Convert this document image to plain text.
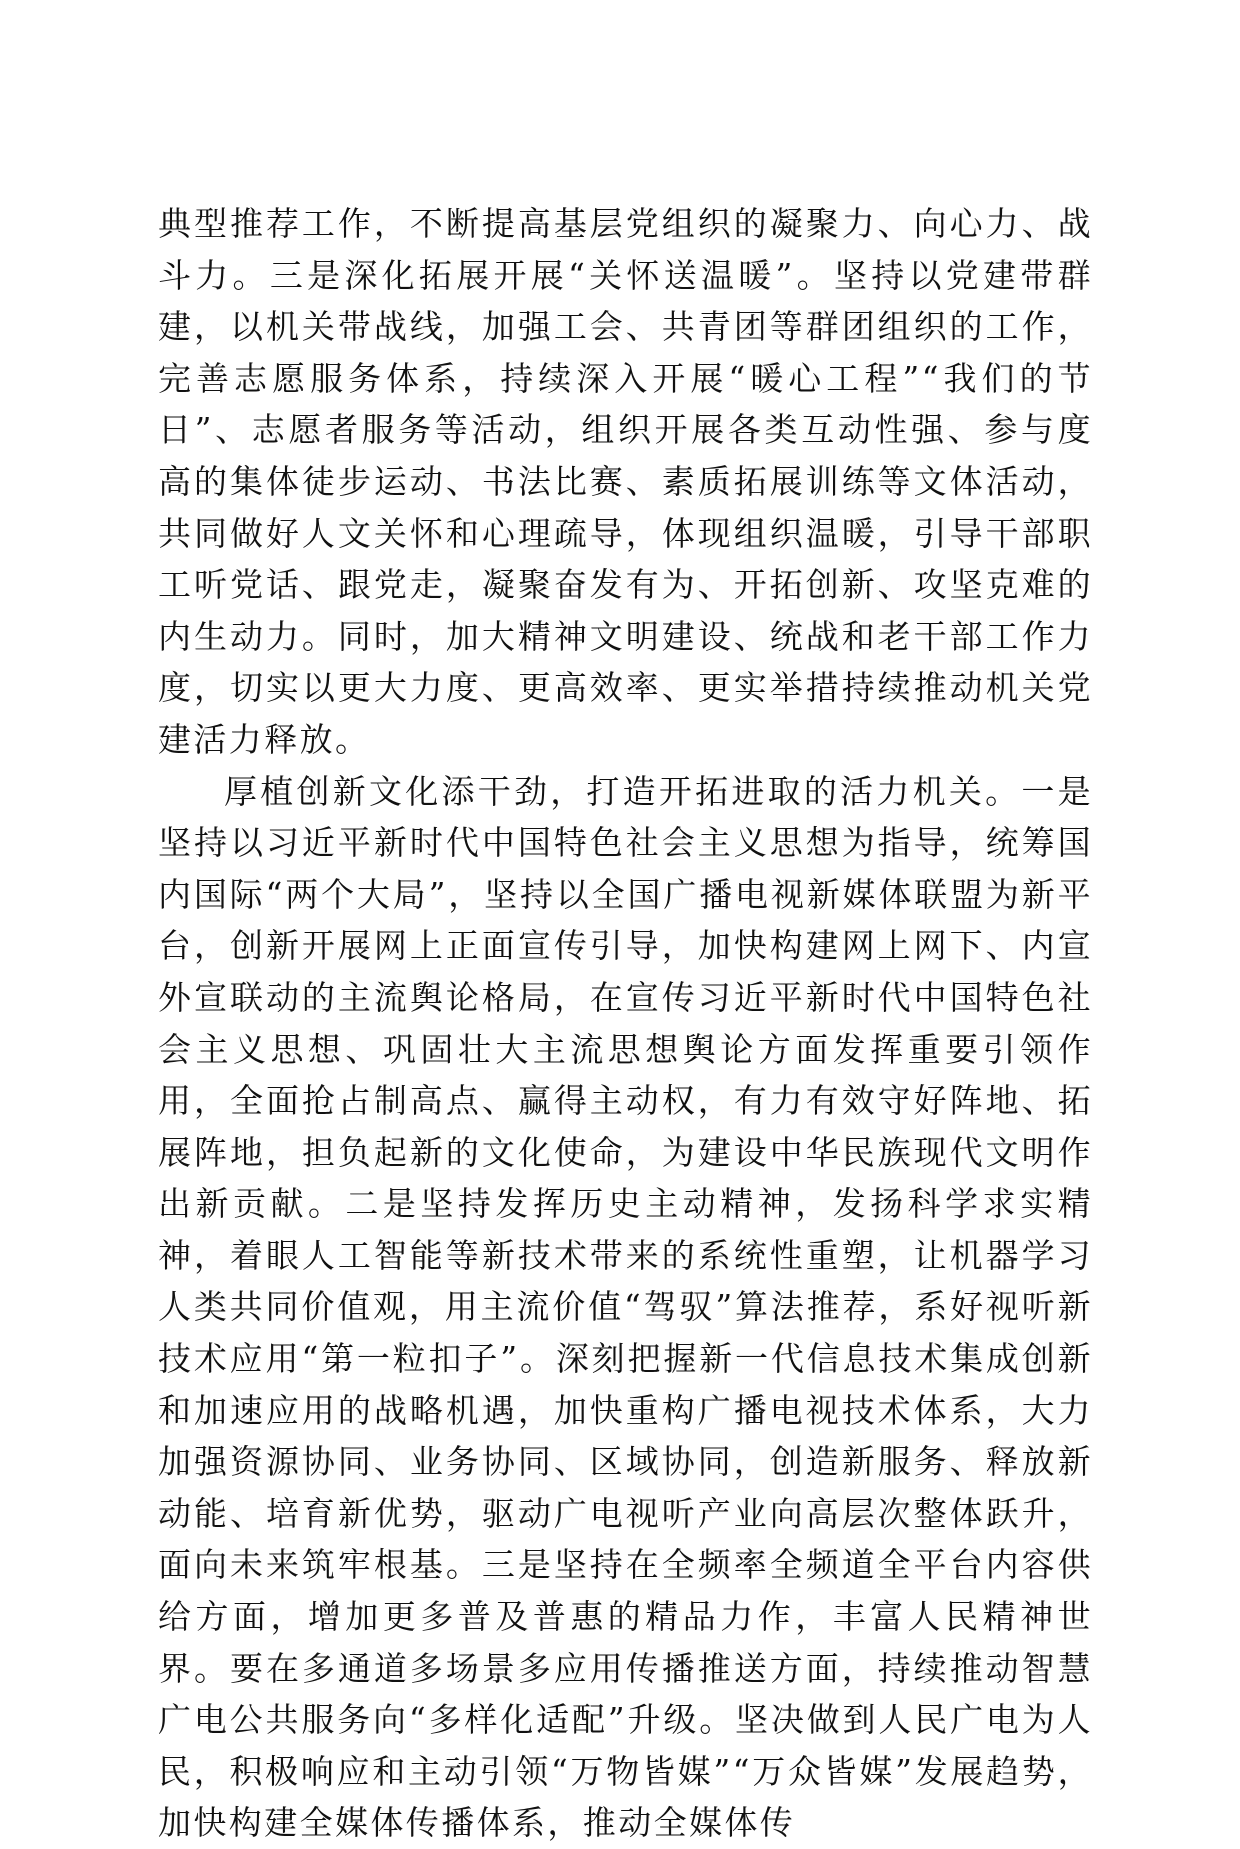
典型推荐工作，不断提高基层党组织的凝聚力、向心力、战斗力。三是深化拓展开展“关怀送温暖”。坚持以党建带群建，以机关带战线，加强工会、共青团等群团组织的工作，完善志愿服务体系，持续深入开展“暖心工程”“我们的节日”、志愿者服务等活动，组织开展各类互动性强、参与度高的集体徒步运动、书法比赛、素质拓展训练等文体活动，共同做好人文关怀和心理疏导，体现组织温暖，引导干部职工听党话、跟党走，凝聚奋发有为、开拓创新、攻坚克难的内生动力。同时，加大精神文明建设、统战和老干部工作力度，切实以更大力度、更高效率、更实举措持续推动机关党建活力释放。

厚植创新文化添干劲，打造开拓进取的活力机关。一是坚持以习近平新时代中国特色社会主义思想为指导，统筹国内国际“两个大局”，坚持以全国广播电视新媒体联盟为新平台，创新开展网上正面宣传引导，加快构建网上网下、内宣外宣联动的主流舆论格局，在宣传习近平新时代中国特色社会主义思想、巩固壮大主流思想舆论方面发挥重要引领作用，全面抢占制高点、赢得主动权，有力有效守好阵地、拓展阵地，担负起新的文化使命，为建设中华民族现代文明作出新贡献。二是坚持发挥历史主动精神，发扬科学求实精神，着眼人工智能等新技术带来的系统性重塑，让机器学习人类共同价值观，用主流价值“驾驭”算法推荐，系好视听新技术应用“第一粒扣子”。深刻把握新一代信息技术集成创新和加速应用的战略机遇，加快重构广播电视技术体系，大力加强资源协同、业务协同、区域协同，创造新服务、释放新动能、培育新优势，驱动广电视听产业向高层次整体跃升，面向未来筑牢根基。三是坚持在全频率全频道全平台内容供给方面，增加更多普及普惠的精品力作，丰富人民精神世界。要在多通道多场景多应用传播推送方面，持续推动智慧广电公共服务向“多样化适配”升级。坚决做到人民广电为人民，积极响应和主动引领“万物皆媒”“万众皆媒”发展趋势，加快构建全媒体传播体系，推动全媒体传
